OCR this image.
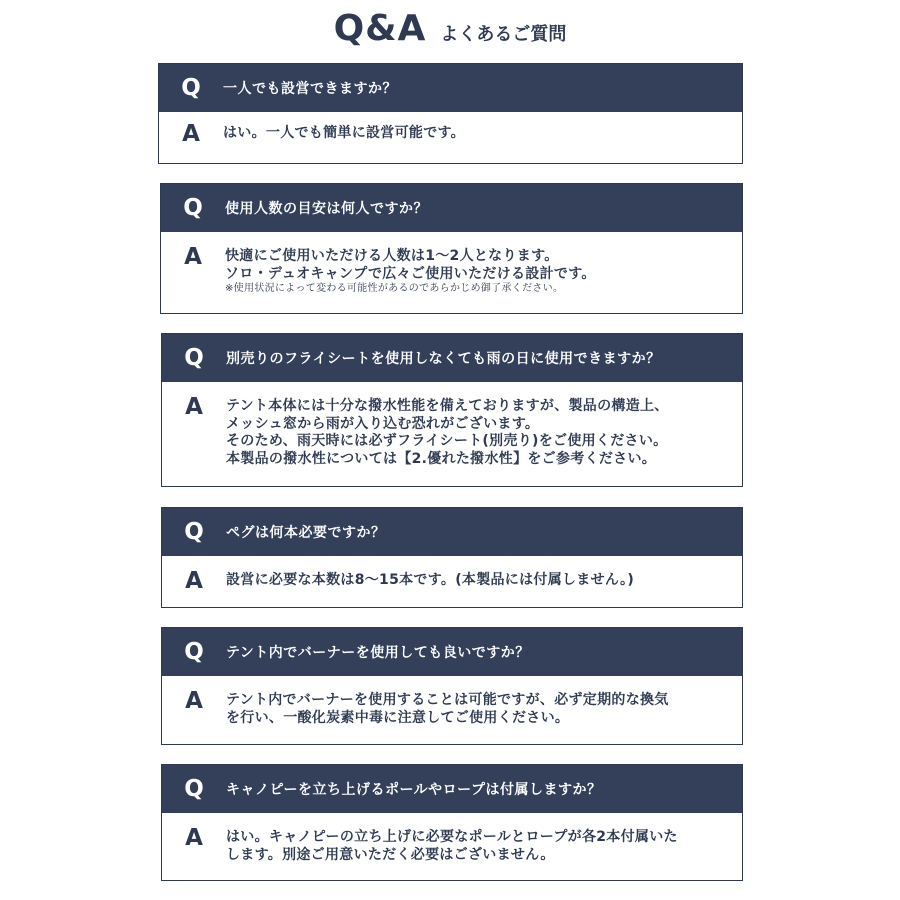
Q&A よくあるご質問
Q	一人でも設営できますか？
A	はい。一人でも簡単に設営可能です。
Q	使用人数の目安は何人ですか？
A	快適にご使用いただける人数は1〜2人となります。
ソロ・デュオキャンプで広々ご使用いただける設計です。
※使用状況によって変わる可能性があるのであらかじめ御了承ください。
Q	別売りのフライシートを使用しなくても雨の日に使用できますか？
A	テント本体には十分な撥水性能を備えておりますが、製品の構造上、
メッシュ窓から雨が入り込む恐れがございます。
そのため、雨天時には必ずフライシート(別売り)をご使用ください。
本製品の撥水性については【2.優れた撥水性】をご参考ください。
Q	ペグは何本必要ですか？
A	設営に必要な本数は8〜15本です。(本製品には付属しません。)
Q	テント内でバーナーを使用しても良いですか？
A	テント内でバーナーを使用することは可能ですが、必ず定期的な換気
を行い、一酸化炭素中毒に注意してご使用ください。
Q	キャノピーを立ち上げるポールやロープは付属しますか？
A	はい。キャノピーの立ち上げに必要なポールとロープが各2本付属いた
します。別途ご用意いただく必要はございません。
